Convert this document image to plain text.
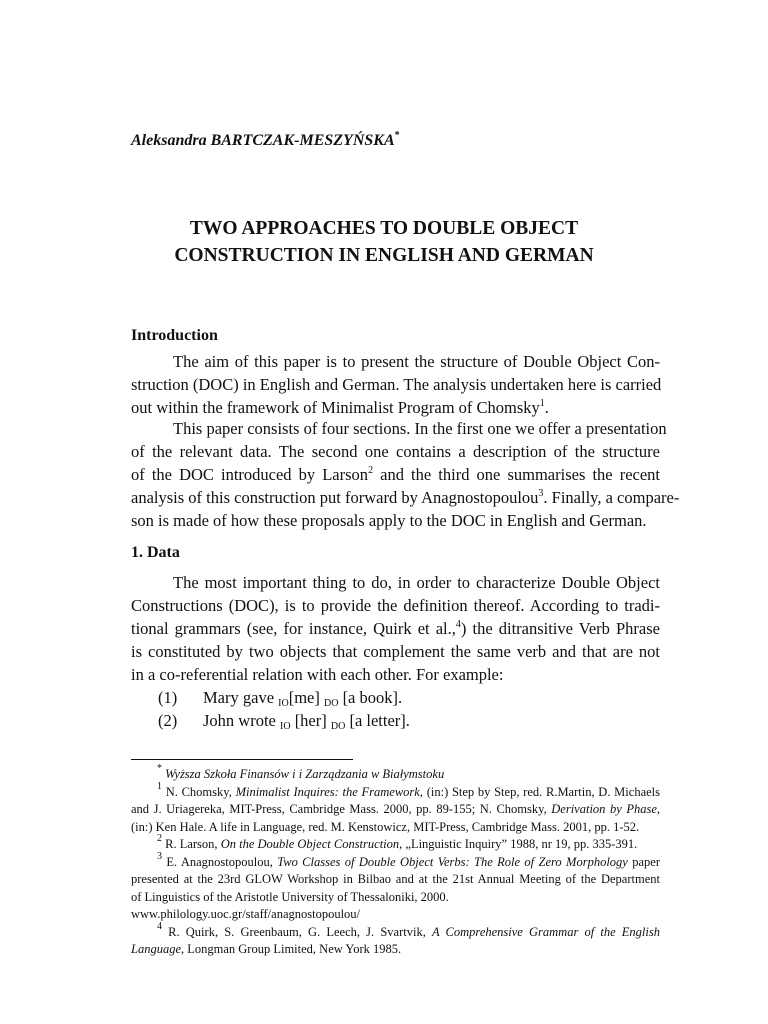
Aleksandra BARTCZAK-MESZYŃSKA*
TWO APPROACHES TO DOUBLE OBJECT
CONSTRUCTION IN ENGLISH AND GERMAN
Introduction
The aim of this paper is to present the structure of Double Object Con-
struction (DOC) in English and German. The analysis undertaken here is carried
out within the framework of Minimalist Program of Chomsky$^1$.
This paper consists of four sections. In the first one we offer a presentation
of the relevant data. The second one contains a description of the structure
of the DOC introduced by Larson$^2$ and the third one summarises the recent
analysis of this construction put forward by Anagnostopoulou$^3$. Finally, a compare-
son is made of how these proposals apply to the DOC in English and German.
1. Data
The most important thing to do, in order to characterize Double Object
Constructions (DOC), is to provide the definition thereof. According to tradi-
tional grammars (see, for instance, Quirk et al.,$^4$) the ditransitive Verb Phrase
is constituted by two objects that complement the same verb and that are not
in a co-referential relation with each other. For example:
(1) Mary gave $_{IO}$[me] $_{DO}$ [a book].
(2) John wrote $_{IO}$ [her] $_{DO}$ [a letter].
* Wyższa Szkoła Finansów i i Zarządzania w Białymstoku
$^1$ N. Chomsky, Minimalist Inquires: the Framework, (in:) Step by Step, red. R.Martin, D. Michaels
and J. Uriagereka, MIT-Press, Cambridge Mass. 2000, pp. 89-155; N. Chomsky, Derivation by Phase,
(in:) Ken Hale. A life in Language, red. M. Kenstowicz, MIT-Press, Cambridge Mass. 2001, pp. 1-52.
$^2$ R. Larson, On the Double Object Construction, „Linguistic Inquiry” 1988, nr 19, pp. 335-391.
$^3$ E. Anagnostopoulou, Two Classes of Double Object Verbs: The Role of Zero Morphology paper
presented at the 23rd GLOW Workshop in Bilbao and at the 21st Annual Meeting of the Department
of Linguistics of the Aristotle University of Thessaloniki, 2000.
www.philology.uoc.gr/staff/anagnostopoulou/
$^4$ R. Quirk, S. Greenbaum, G. Leech, J. Svartvik, A Comprehensive Grammar of the English
Language, Longman Group Limited, New York 1985.
